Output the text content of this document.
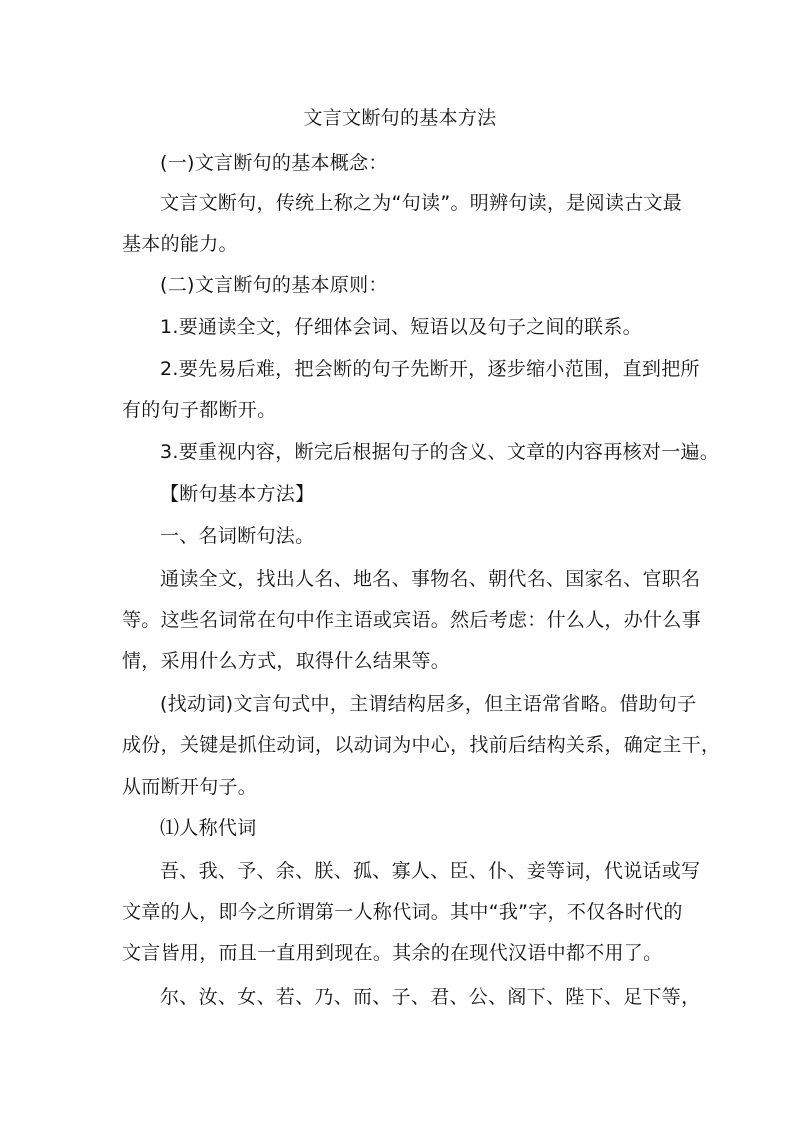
文言文断句的基本方法
(一)文言断句的基本概念：
文言文断句，传统上称之为“句读”。明辨句读，是阅读古文最
基本的能力。
(二)文言断句的基本原则：
1.要通读全文，仔细体会词、短语以及句子之间的联系。
2.要先易后难，把会断的句子先断开，逐步缩小范围，直到把所
有的句子都断开。
3.要重视内容，断完后根据句子的含义、文章的内容再核对一遍。
【断句基本方法】
一、名词断句法。
通读全文，找出人名、地名、事物名、朝代名、国家名、官职名
等。这些名词常在句中作主语或宾语。然后考虑：什么人，办什么事
情，采用什么方式，取得什么结果等。
(找动词)文言句式中，主谓结构居多，但主语常省略。借助句子
成份，关键是抓住动词，以动词为中心，找前后结构关系，确定主干，
从而断开句子。
⑴人称代词
吾、我、予、余、朕、孤、寡人、臣、仆、妾等词，代说话或写
文章的人，即今之所谓第一人称代词。其中“我”字，不仅各时代的
文言皆用，而且一直用到现在。其余的在现代汉语中都不用了。
尔、汝、女、若、乃、而、子、君、公、阁下、陛下、足下等，
